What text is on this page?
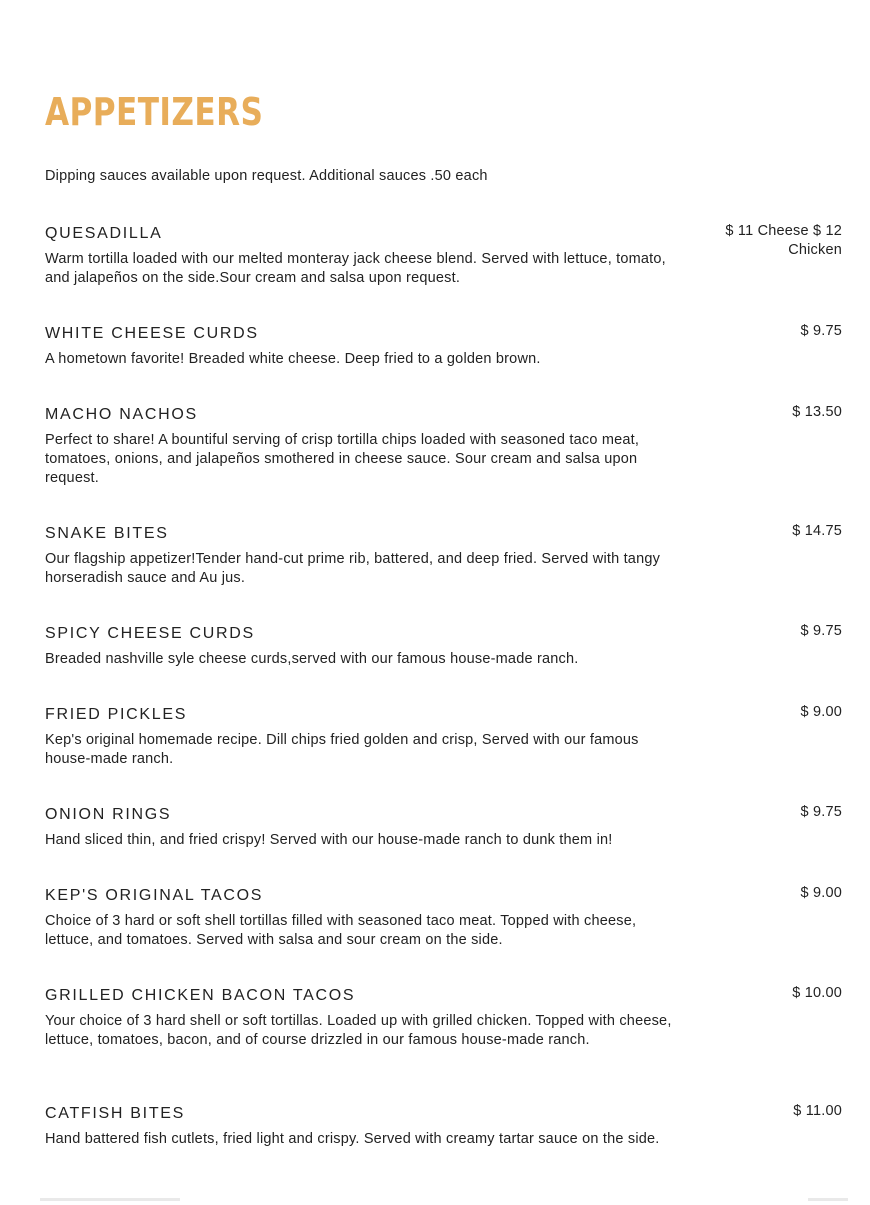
APPETIZERS

Dipping sauces available upon request. Additional sauces .50 each

QUESADILLA
Warm tortilla loaded with our melted monteray jack cheese blend. Served with lettuce, tomato, and jalapeños on the side.Sour cream and salsa upon request.
$ 11 Cheese $ 12 Chicken
WHITE CHEESE CURDS
A hometown favorite! Breaded white cheese. Deep fried to a golden brown.
$ 9.75
MACHO NACHOS
Perfect to share! A bountiful serving of crisp tortilla chips loaded with seasoned taco meat, tomatoes, onions, and jalapeños smothered in cheese sauce. Sour cream and salsa upon request.
$ 13.50
SNAKE BITES
Our flagship appetizer!Tender hand-cut prime rib, battered, and deep fried. Served with tangy horseradish sauce and Au jus.
$ 14.75
SPICY CHEESE CURDS
Breaded nashville syle cheese curds,served with our famous house-made ranch.
$ 9.75
FRIED PICKLES
Kep's original homemade recipe. Dill chips fried golden and crisp, Served with our famous house-made ranch.
$ 9.00
ONION RINGS
Hand sliced thin, and fried crispy! Served with our house-made ranch to dunk them in!
$ 9.75
KEP'S ORIGINAL TACOS
Choice of 3 hard or soft shell tortillas filled with seasoned taco meat. Topped with cheese, lettuce, and tomatoes. Served with salsa and sour cream on the side.
$ 9.00
GRILLED CHICKEN BACON TACOS
Your choice of 3 hard shell or soft tortillas. Loaded up with grilled chicken. Topped with cheese, lettuce, tomatoes, bacon, and of course drizzled in our famous house-made ranch.
$ 10.00
CATFISH BITES
Hand battered fish cutlets, fried light and crispy. Served with creamy tartar sauce on the side.
$ 11.00
